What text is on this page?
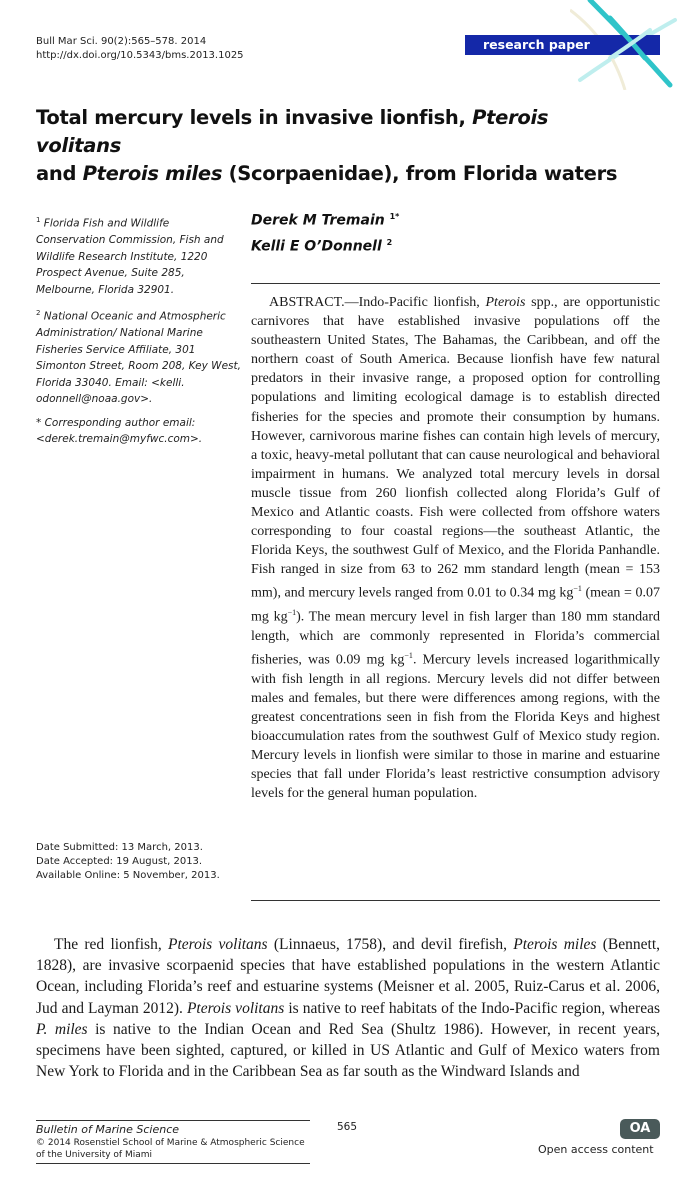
Bull Mar Sci. 90(2):565–578. 2014
http://dx.doi.org/10.5343/bms.2013.1025
research paper
Total mercury levels in invasive lionfish, Pterois volitans
and Pterois miles (Scorpaenidae), from Florida waters

$^1$ Florida Fish and Wildlife Conservation Commission, Fish and Wildlife Research Institute, 1220 Prospect Avenue, Suite 285, Melbourne, Florida 32901.

$^2$ National Oceanic and Atmospheric Administration/ National Marine Fisheries Service Affiliate, 301 Simonton Street, Room 208, Key West, Florida 33040. Email: <kelli. odonnell@noaa.gov>.

* Corresponding author email: <derek.tremain@myfwc.com>.

Derek M Tremain $^{1*}$
Kelli E O’Donnell $^2$

ABSTRACT.—Indo-Pacific lionfish, Pterois spp., are opportunistic carnivores that have established invasive populations off the southeastern United States, The Bahamas, the Caribbean, and off the northern coast of South America. Because lionfish have few natural predators in their invasive range, a proposed option for controlling populations and limiting ecological damage is to establish directed fisheries for the species and promote their consumption by humans. However, carnivorous marine fishes can contain high levels of mercury, a toxic, heavy-metal pollutant that can cause neurological and behavioral impairment in humans. We analyzed total mercury levels in dorsal muscle tissue from 260 lionfish collected along Florida’s Gulf of Mexico and Atlantic coasts. Fish were collected from offshore waters corresponding to four coastal regions—the southeast Atlantic, the Florida Keys, the southwest Gulf of Mexico, and the Florida Panhandle. Fish ranged in size from 63 to 262 mm standard length (mean = 153 mm), and mercury levels ranged from 0.01 to 0.34 mg $kg^{-1}$ (mean = 0.07 mg $kg^{-1}$). The mean mercury level in fish larger than 180 mm standard length, which are commonly represented in Florida’s commercial fisheries, was 0.09 mg $kg^{-1}$. Mercury levels increased logarithmically with fish length in all regions. Mercury levels did not differ between males and females, but there were differences among regions, with the greatest concentrations seen in fish from the Florida Keys and highest bioaccumulation rates from the southwest Gulf of Mexico study region. Mercury levels in lionfish were similar to those in marine and estuarine species that fall under Florida’s least restrictive consumption advisory levels for the general human population.

Date Submitted: 13 March, 2013.
Date Accepted: 19 August, 2013.
Available Online: 5 November, 2013.

The red lionfish, Pterois volitans (Linnaeus, 1758), and devil firefish, Pterois miles (Bennett, 1828), are invasive scorpaenid species that have established populations in the western Atlantic Ocean, including Florida’s reef and estuarine systems (Meisner et al. 2005, Ruiz-Carus et al. 2006, Jud and Layman 2012). Pterois volitans is native to reef habitats of the Indo-Pacific region, whereas P. miles is native to the Indian Ocean and Red Sea (Shultz 1986). However, in recent years, specimens have been sighted, captured, or killed in US Atlantic and Gulf of Mexico waters from New York to Florida and in the Caribbean Sea as far south as the Windward Islands and

Bulletin of Marine Science
© 2014 Rosenstiel School of Marine & Atmospheric Science of the University of Miami
565	OA
Open access content
